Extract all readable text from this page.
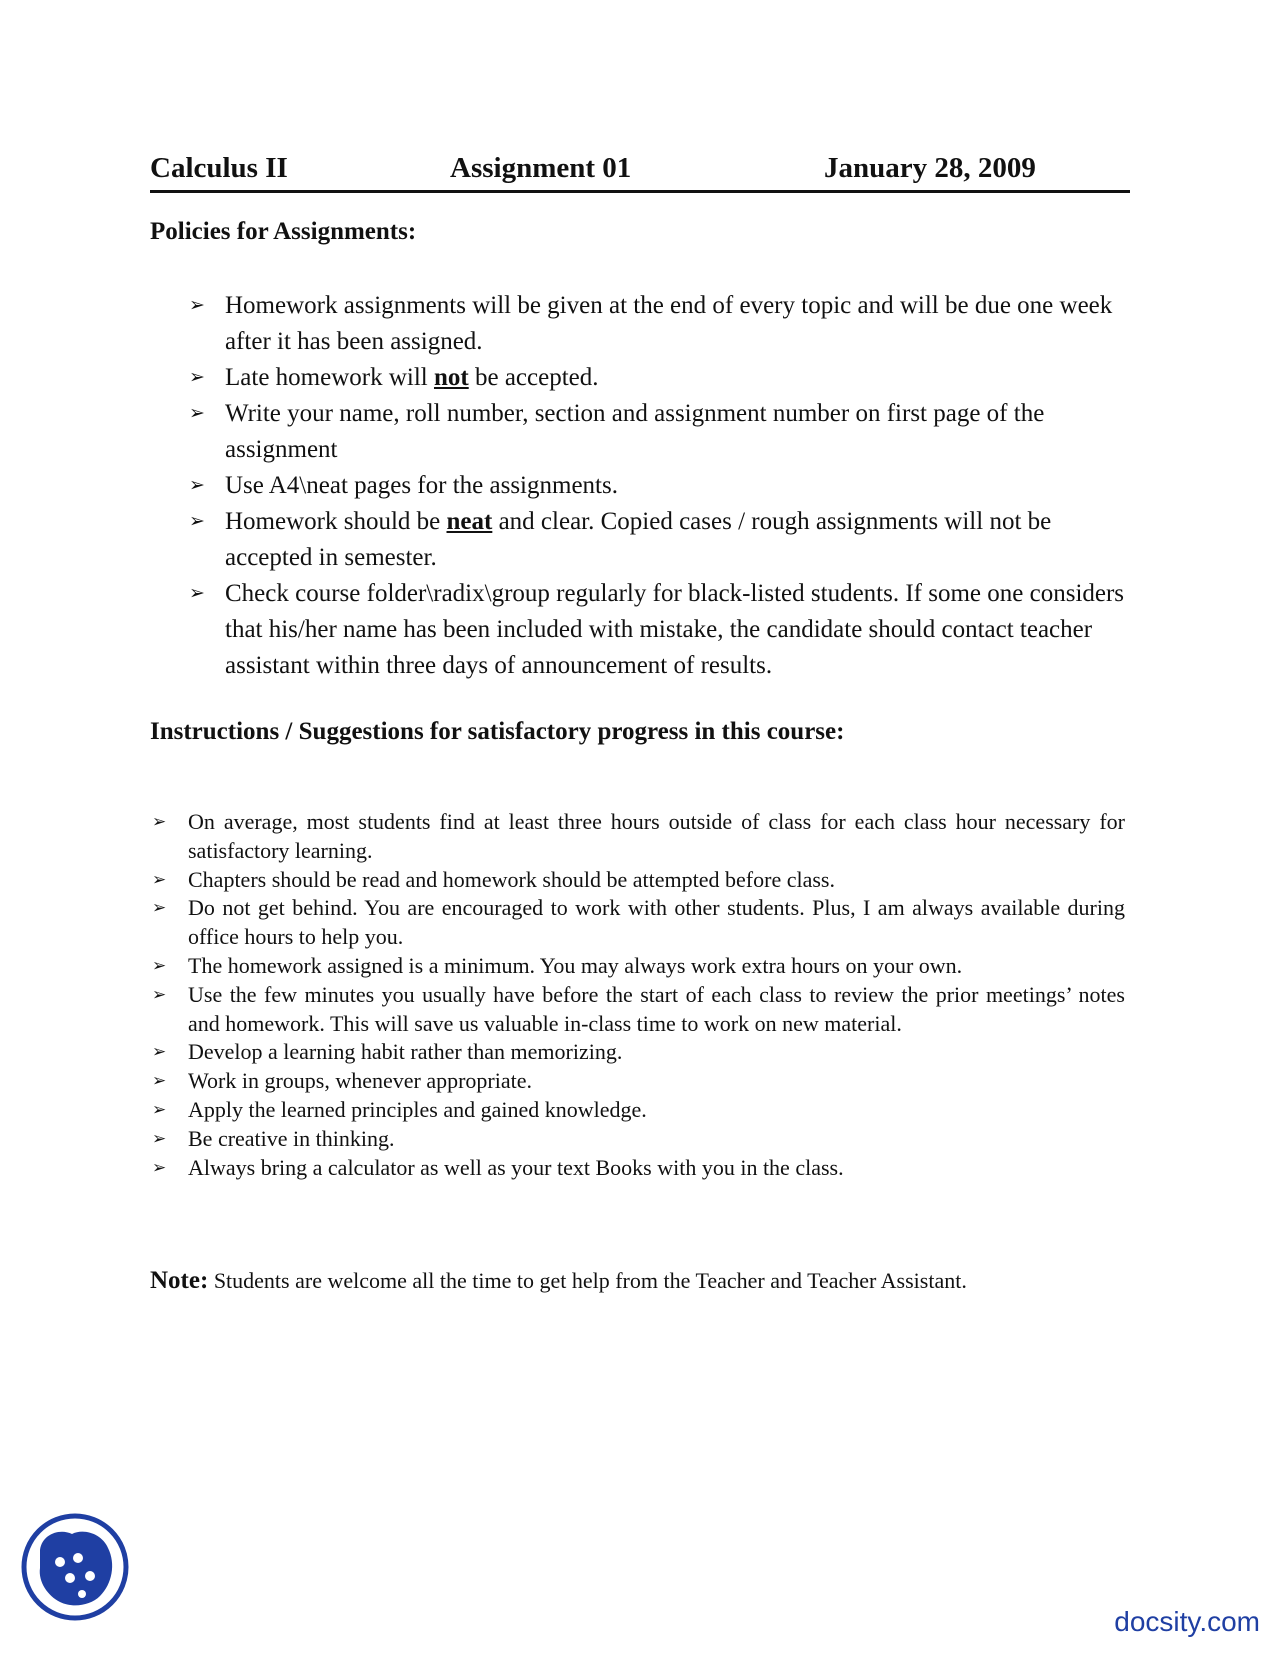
Calculus II	Assignment 01	January 28, 2009
Policies for Assignments:
➢ Homework assignments will be given at the end of every topic and will be due one week after it has been assigned.
➢ Late homework will not be accepted.
➢ Write your name, roll number, section and assignment number on first page of the assignment
➢ Use A4\neat pages for the assignments.
➢ Homework should be neat and clear. Copied cases / rough assignments will not be accepted in semester.
➢ Check course folder\radix\group regularly for black-listed students. If some one considers that his/her name has been included with mistake, the candidate should contact teacher assistant within three days of announcement of results.
Instructions / Suggestions for satisfactory progress in this course:
➢ On average, most students find at least three hours outside of class for each class hour necessary for satisfactory learning.
➢ Chapters should be read and homework should be attempted before class.
➢ Do not get behind. You are encouraged to work with other students. Plus, I am always available during office hours to help you.
➢ The homework assigned is a minimum. You may always work extra hours on your own.
➢ Use the few minutes you usually have before the start of each class to review the prior meetings’ notes and homework. This will save us valuable in-class time to work on new material.
➢ Develop a learning habit rather than memorizing.
➢ Work in groups, whenever appropriate.
➢ Apply the learned principles and gained knowledge.
➢ Be creative in thinking.
➢ Always bring a calculator as well as your text Books with you in the class.
Note: Students are welcome all the time to get help from the Teacher and Teacher Assistant.
docsity.com
